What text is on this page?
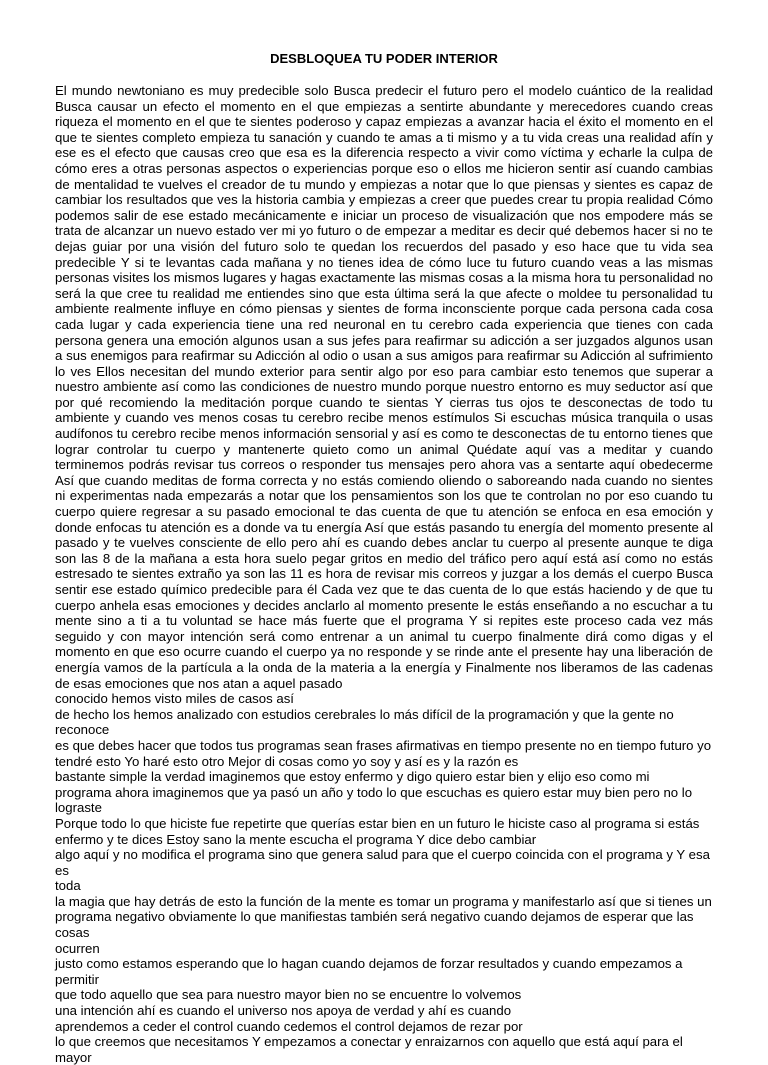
DESBLOQUEA TU PODER INTERIOR

El mundo newtoniano es muy predecible solo Busca predecir el futuro pero el modelo cuántico de la realidad Busca causar un efecto el momento en el que empiezas a sentirte abundante y merecedores cuando creas riqueza el momento en el que te sientes poderoso y capaz empiezas a avanzar hacia el éxito el momento en el que te sientes completo empieza tu sanación y cuando te amas a ti mismo y a tu vida creas una realidad afín y ese es el efecto que causas creo que esa es la diferencia respecto a vivir como víctima y echarle la culpa de cómo eres a otras personas aspectos o experiencias porque eso o ellos me hicieron sentir así cuando cambias de mentalidad te vuelves el creador de tu mundo y empiezas a notar que lo que piensas y sientes es capaz de cambiar los resultados que ves la historia cambia y empiezas a creer que puedes crear tu propia realidad Cómo podemos salir de ese estado mecánicamente e iniciar un proceso de visualización que nos empodere más se trata de alcanzar un nuevo estado ver mi yo futuro o de empezar a meditar es decir qué debemos hacer si no te dejas guiar por una visión del futuro solo te quedan los recuerdos del pasado y eso hace que tu vida sea predecible Y si te levantas cada mañana y no tienes idea de cómo luce tu futuro cuando veas a las mismas personas visites los mismos lugares y hagas exactamente las mismas cosas a la misma hora tu personalidad no será la que cree tu realidad me entiendes sino que esta última será la que afecte o moldee tu personalidad tu ambiente realmente influye en cómo piensas y sientes de forma inconsciente porque cada persona cada cosa cada lugar y cada experiencia tiene una red neuronal en tu cerebro cada experiencia que tienes con cada persona genera una emoción algunos usan a sus jefes para reafirmar su adicción a ser juzgados algunos usan a sus enemigos para reafirmar su Adicción al odio o usan a sus amigos para reafirmar su Adicción al sufrimiento lo ves Ellos necesitan del mundo exterior para sentir algo por eso para cambiar esto tenemos que superar a nuestro ambiente así como las condiciones de nuestro mundo porque nuestro entorno es muy seductor así que por qué recomiendo la meditación porque cuando te sientas Y cierras tus ojos te desconectas de todo tu ambiente y cuando ves menos cosas tu cerebro recibe menos estímulos Si escuchas música tranquila o usas audífonos tu cerebro recibe menos información sensorial y así es como te desconectas de tu entorno tienes que lograr controlar tu cuerpo y mantenerte quieto como un animal Quédate aquí vas a meditar y cuando terminemos podrás revisar tus correos o responder tus mensajes pero ahora vas a sentarte aquí obedecerme Así que cuando meditas de forma correcta y no estás comiendo oliendo o saboreando nada cuando no sientes ni experimentas nada empezarás a notar que los pensamientos son los que te controlan no por eso cuando tu cuerpo quiere regresar a su pasado emocional te das cuenta de que tu atención se enfoca en esa emoción y donde enfocas tu atención es a donde va tu energía Así que estás pasando tu energía del momento presente al pasado y te vuelves consciente de ello pero ahí es cuando debes anclar tu cuerpo al presente aunque te diga son las 8 de la mañana a esta hora suelo pegar gritos en medio del tráfico pero aquí está así como no estás estresado te sientes extraño ya son las 11 es hora de revisar mis correos y juzgar a los demás el cuerpo Busca sentir ese estado químico predecible para él Cada vez que te das cuenta de lo que estás haciendo y de que tu cuerpo anhela esas emociones y decides anclarlo al momento presente le estás enseñando a no escuchar a tu mente sino a ti a tu voluntad se hace más fuerte que el programa Y si repites este proceso cada vez más seguido y con mayor intención será como entrenar a un animal tu cuerpo finalmente dirá como digas y el momento en que eso ocurre cuando el cuerpo ya no responde y se rinde ante el presente hay una liberación de energía vamos de la partícula a la onda de la materia a la energía y Finalmente nos liberamos de las cadenas de esas emociones que nos atan a aquel pasado

conocido hemos visto miles de casos así

de hecho los hemos analizado con estudios cerebrales lo más difícil de la programación y que la gente no reconoce

es que debes hacer que todos tus programas sean frases afirmativas en tiempo presente no en tiempo futuro yo

tendré esto Yo haré esto otro Mejor di cosas como yo soy y así es y la razón es

bastante simple la verdad imaginemos que estoy enfermo y digo quiero estar bien y elijo eso como mi

programa ahora imaginemos que ya pasó un año y todo lo que escuchas es quiero estar muy bien pero no lo

lograste

Porque todo lo que hiciste fue repetirte que querías estar bien en un futuro le hiciste caso al programa si estás

enfermo y te dices Estoy sano la mente escucha el programa Y dice debo cambiar

algo aquí y no modifica el programa sino que genera salud para que el cuerpo coincida con el programa y Y esa es

toda

la magia que hay detrás de esto la función de la mente es tomar un programa y manifestarlo así que si tienes un

programa negativo obviamente lo que manifiestas también será negativo cuando dejamos de esperar que las cosas

ocurren

justo como estamos esperando que lo hagan cuando dejamos de forzar resultados y cuando empezamos a permitir

que todo aquello que sea para nuestro mayor bien no se encuentre lo volvemos

una intención ahí es cuando el universo nos apoya de verdad y ahí es cuando

aprendemos a ceder el control cuando cedemos el control dejamos de rezar por

lo que creemos que necesitamos Y empezamos a conectar y enraizarnos con aquello que está aquí para el mayor
